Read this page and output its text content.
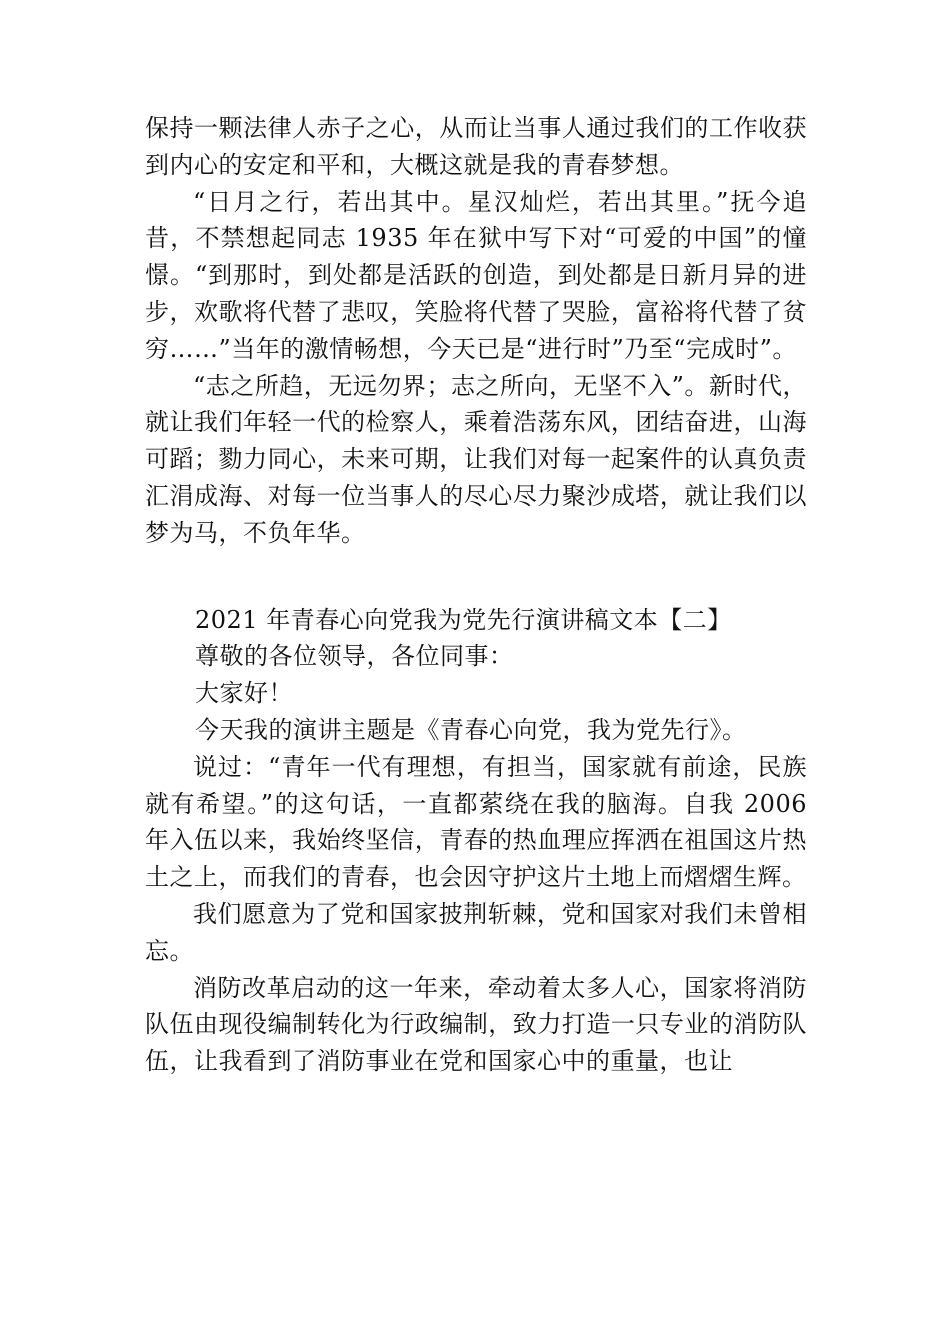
保持一颗法律人赤子之心，从而让当事人通过我们的工作收获到内心的安定和平和，大概这就是我的青春梦想。

“日月之行，若出其中。星汉灿烂，若出其里。”抚今追昔，不禁想起同志 1935 年在狱中写下对“可爱的中国”的憧憬。“到那时，到处都是活跃的创造，到处都是日新月异的进步，欢歌将代替了悲叹，笑脸将代替了哭脸，富裕将代替了贫穷……”当年的激情畅想，今天已是“进行时”乃至“完成时”。

“志之所趋，无远勿界；志之所向，无坚不入”。新时代，就让我们年轻一代的检察人，乘着浩荡东风，团结奋进，山海可蹈；勠力同心，未来可期，让我们对每一起案件的认真负责汇涓成海、对每一位当事人的尽心尽力聚沙成塔，就让我们以梦为马，不负年华。

2021 年青春心向党我为党先行演讲稿文本【二】

尊敬的各位领导，各位同事：

大家好！

今天我的演讲主题是《青春心向党，我为党先行》。

说过：“青年一代有理想，有担当，国家就有前途，民族就有希望。”的这句话，一直都萦绕在我的脑海。自我 2006 年入伍以来，我始终坚信，青春的热血理应挥洒在祖国这片热土之上，而我们的青春，也会因守护这片土地上而熠熠生辉。

我们愿意为了党和国家披荆斩棘，党和国家对我们未曾相忘。

消防改革启动的这一年来，牵动着太多人心，国家将消防队伍由现役编制转化为行政编制，致力打造一只专业的消防队伍，让我看到了消防事业在党和国家心中的重量，也让
